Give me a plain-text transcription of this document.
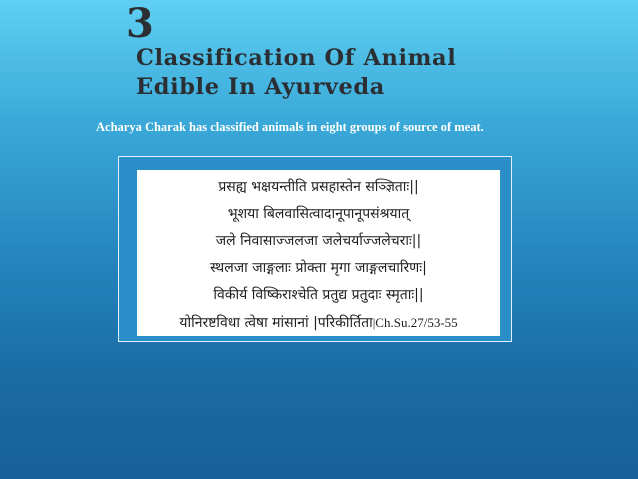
3
Classification Of Animal
Edible In Ayurveda

Acharya Charak has classified animals in eight groups of source of meat.

प्रसह्य भक्षयन्तीति प्रसहास्तेन सञ्ज्ञिताः||
भूशया बिलवासित्वादानूपानूपसंश्रयात्
जले निवासाज्जलजा जलेचर्याज्जलेचराः||
स्थलजा जाङ्गलाः प्रोक्ता मृगा जाङ्गलचारिणः|
विकीर्य विष्किराश्चेति प्रतुद्य प्रतुदाः स्मृताः||
योनिरष्टविधा त्वेषा मांसानां |परिकीर्तिता|Ch.Su.27/53-55
